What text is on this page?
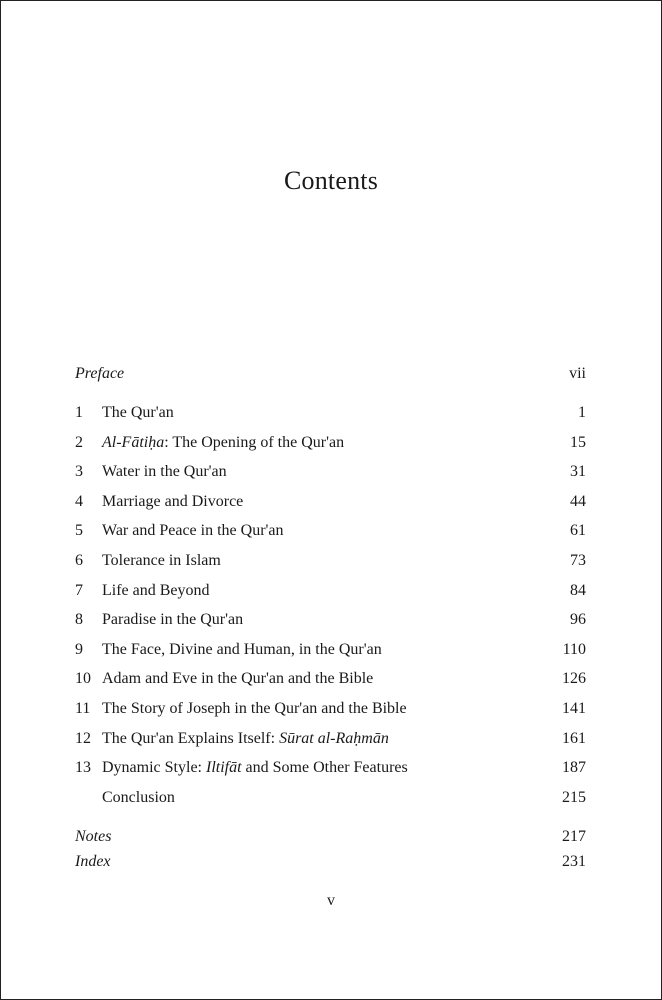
Contents
Preface	vii
1	The Qur'an	1
2	Al-Fātiḥa: The Opening of the Qur'an	15
3	Water in the Qur'an	31
4	Marriage and Divorce	44
5	War and Peace in the Qur'an	61
6	Tolerance in Islam	73
7	Life and Beyond	84
8	Paradise in the Qur'an	96
9	The Face, Divine and Human, in the Qur'an	110
10 Adam and Eve in the Qur'an and the Bible	126
11 The Story of Joseph in the Qur'an and the Bible	141
12 The Qur'an Explains Itself: Sūrat al-Raḥmān	161
13 Dynamic Style: Iltifāt and Some Other Features	187
Conclusion	215
Notes	217
Index	231
v
